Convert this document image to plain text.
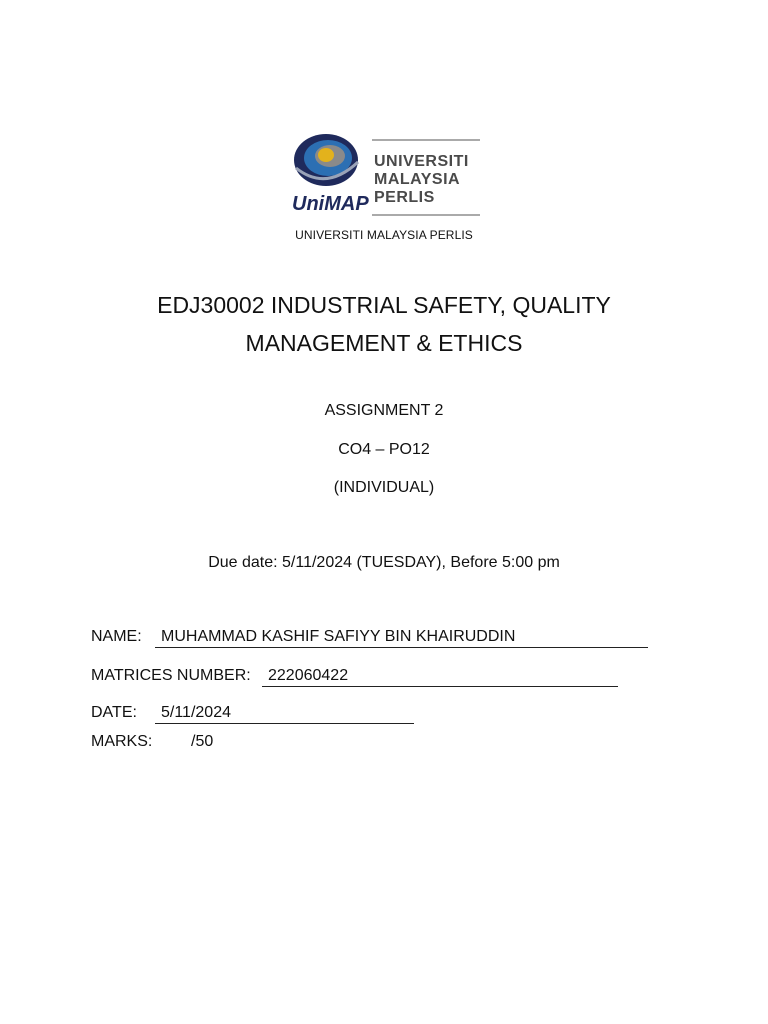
UniMAP
UNIVERSITI
MALAYSIA
PERLIS
UNIVERSITI MALAYSIA PERLIS
EDJ30002 INDUSTRIAL SAFETY, QUALITY
MANAGEMENT & ETHICS
ASSIGNMENT 2
CO4 – PO12
(INDIVIDUAL)
Due date: 5/11/2024 (TUESDAY), Before 5:00 pm
NAME: MUHAMMAD KASHIF SAFIYY BIN KHAIRUDDIN
MATRICES NUMBER: 222060422
DATE: 5/11/2024
MARKS: /50
